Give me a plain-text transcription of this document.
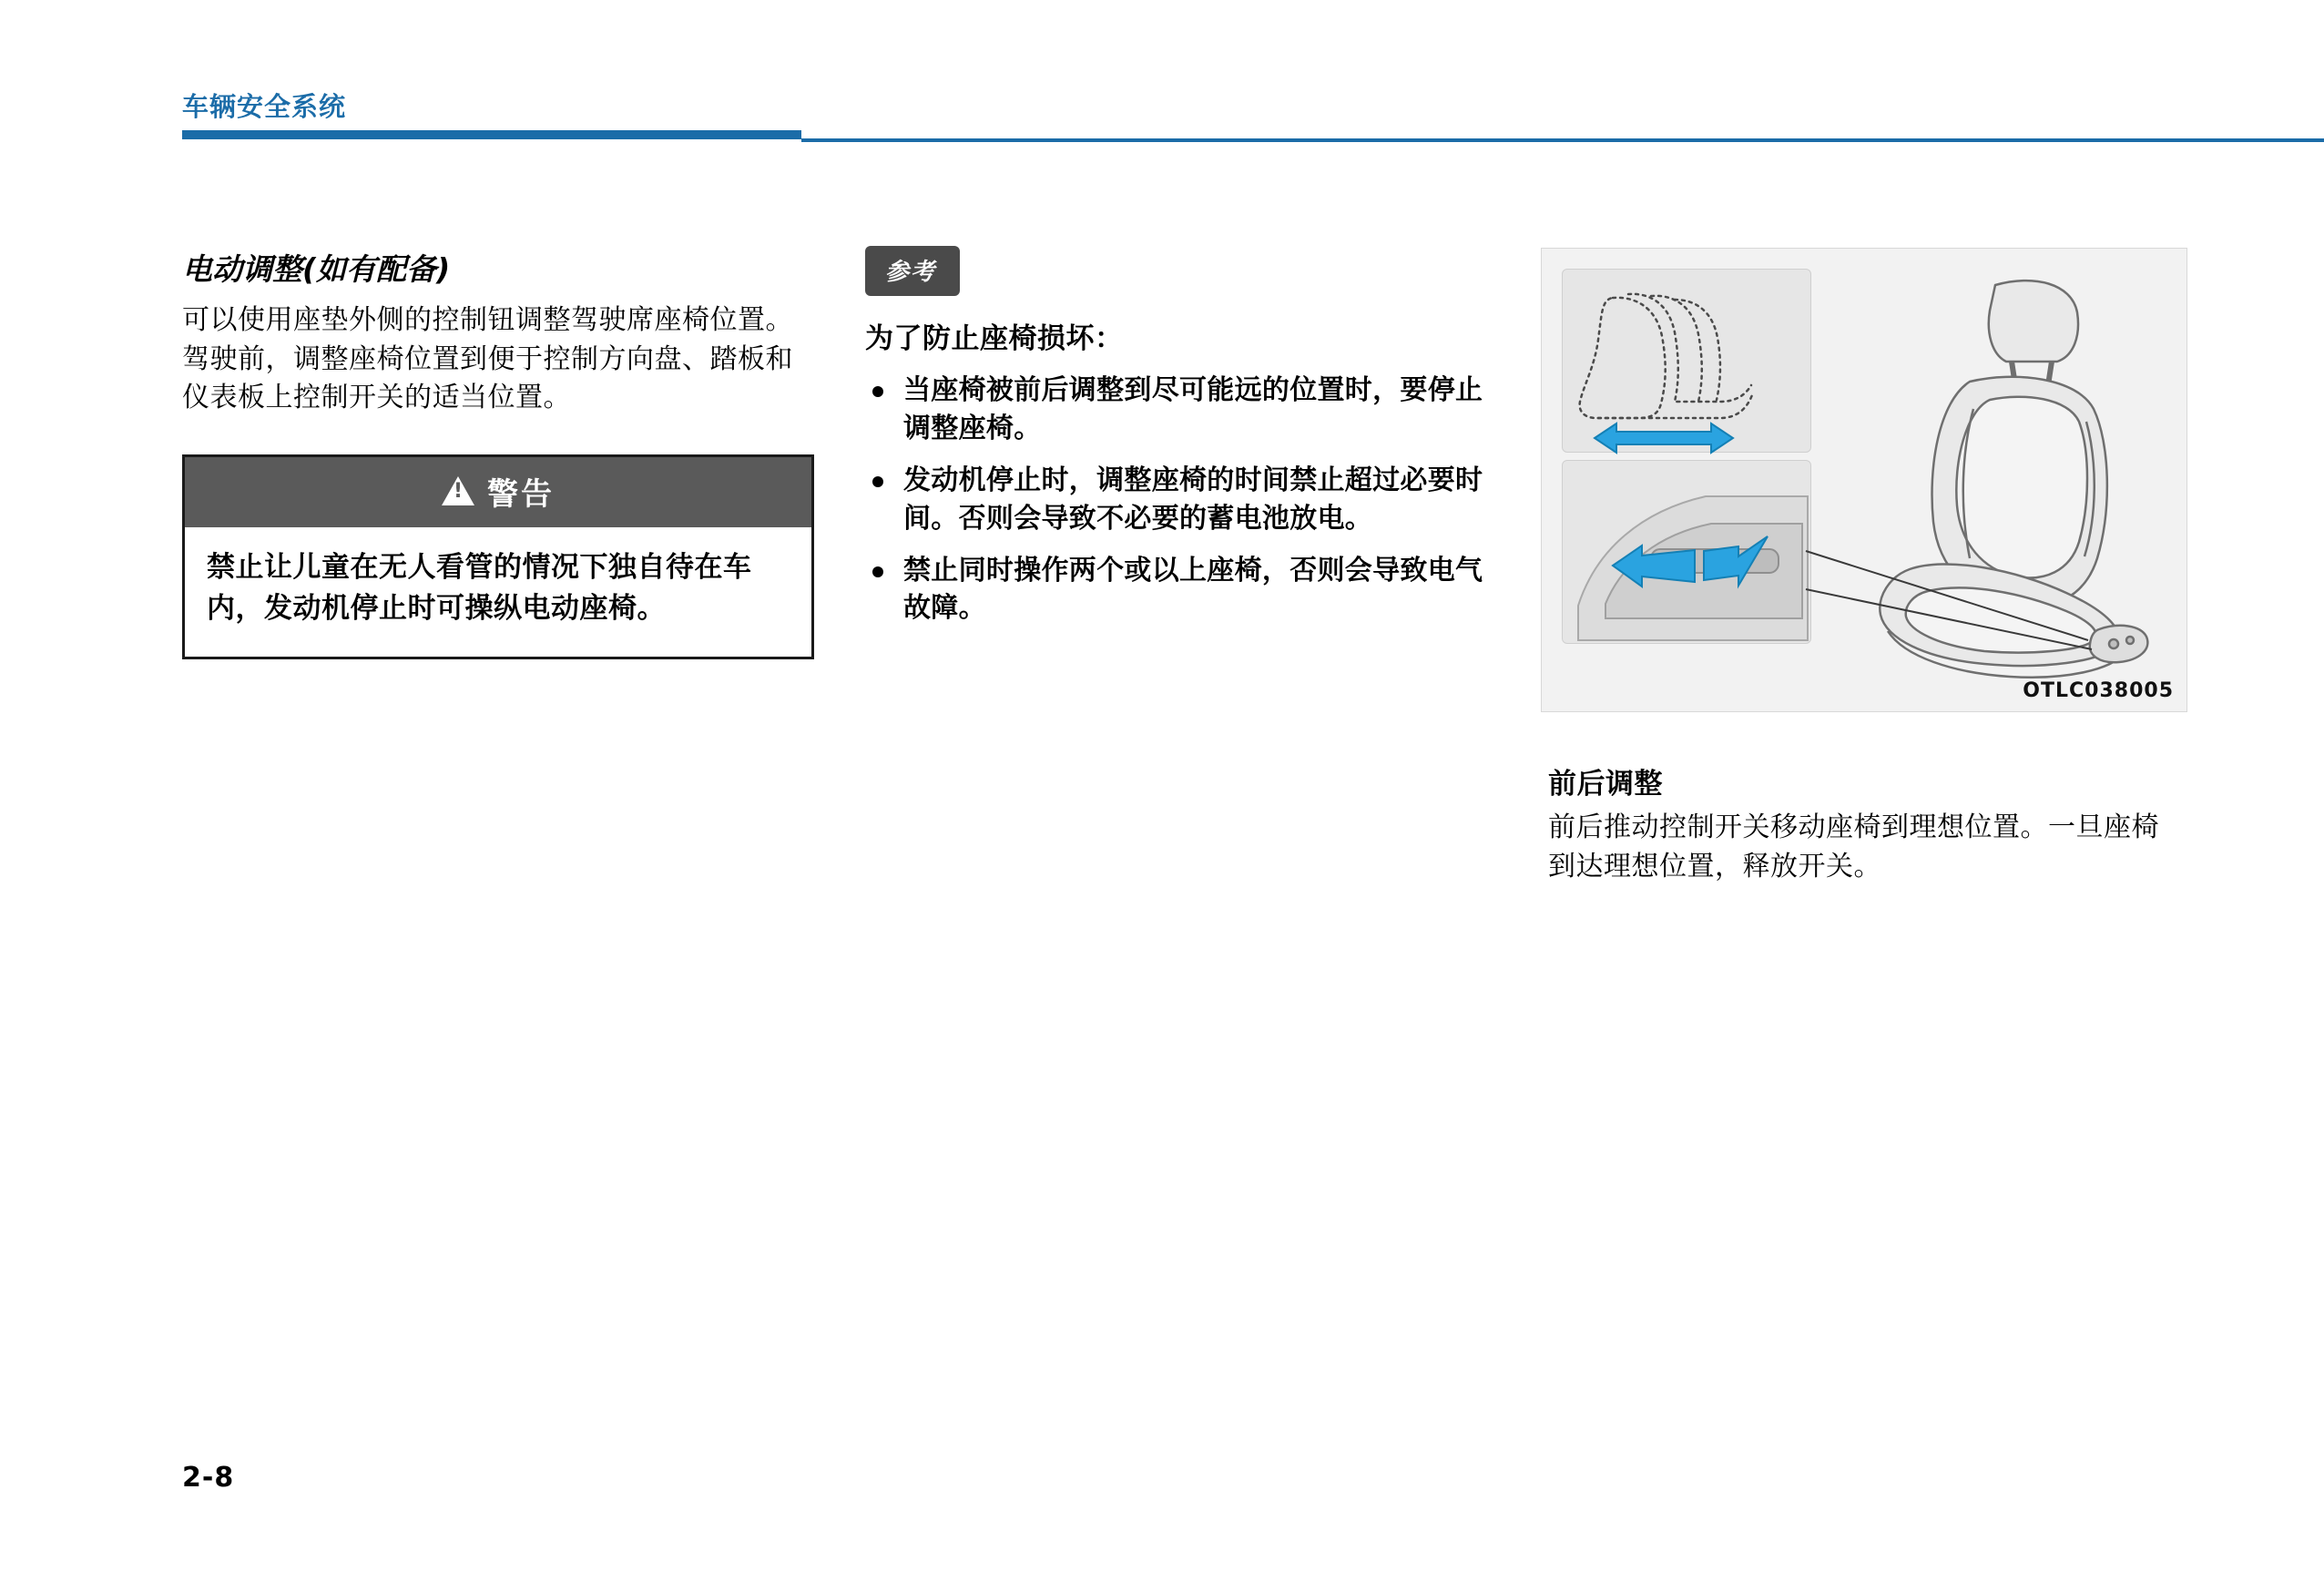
车辆安全系统
电动调整(如有配备)

可以使用座垫外侧的控制钮调整驾驶席座椅位置。驾驶前，调整座椅位置到便于控制方向盘、踏板和仪表板上控制开关的适当位置。

!
警告
禁止让儿童在无人看管的情况下独自待在车内，发动机停止时可操纵电动座椅。
参考

为了防止座椅损坏：

当座椅被前后调整到尽可能远的位置时，要停止调整座椅。
发动机停止时，调整座椅的时间禁止超过必要时间。否则会导致不必要的蓄电池放电。
禁止同时操作两个或以上座椅，否则会导致电气故障。
OTLC038005
前后调整
前后推动控制开关移动座椅到理想位置。一旦座椅到达理想位置，释放开关。
2-8
